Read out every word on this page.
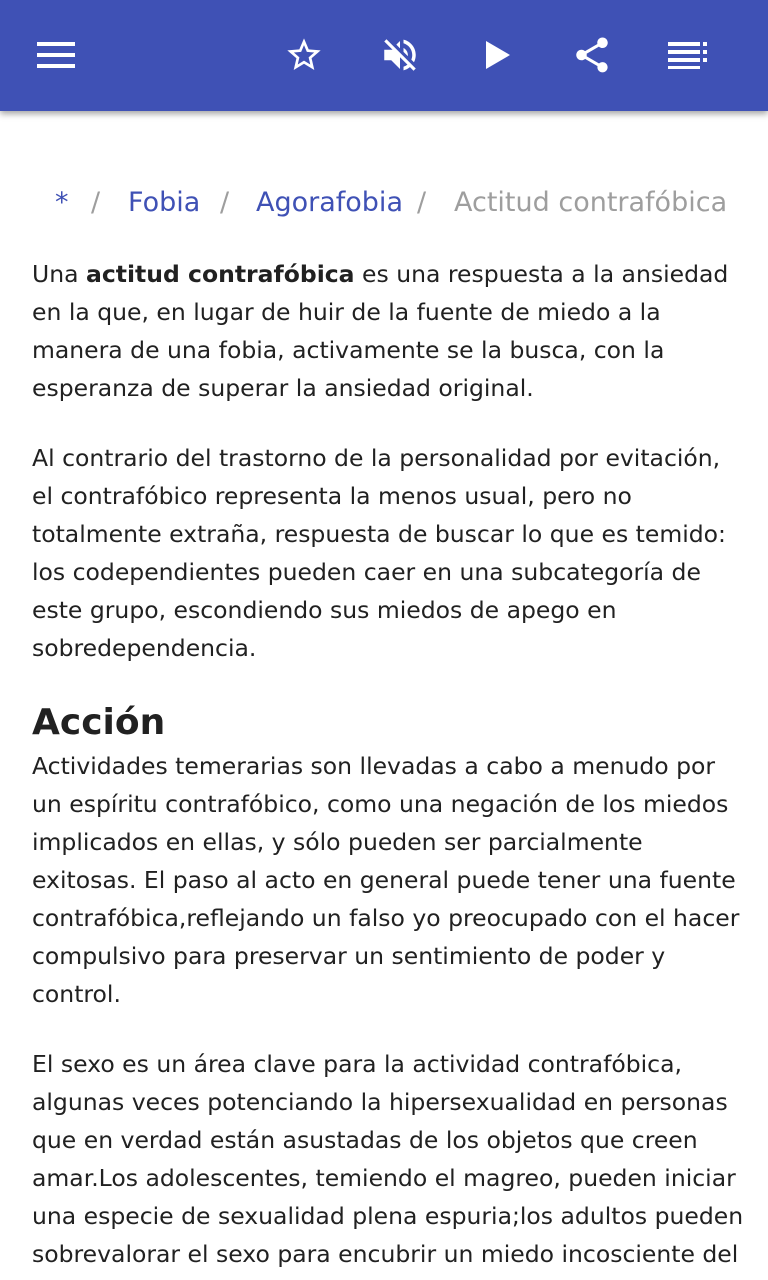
* / Fobia / Agorafobia / Actitud contrafóbica

Una actitud contrafóbica es una respuesta a la ansiedad en la que, en lugar de huir de la fuente de miedo a la manera de una fobia, activamente se la busca, con la esperanza de superar la ansiedad original.

Al contrario del trastorno de la personalidad por evitación, el contrafóbico representa la menos usual, pero no totalmente extraña, respuesta de buscar lo que es temido: los codependientes pueden caer en una subcategoría de este grupo, escondiendo sus miedos de apego en sobredependencia.

Acción

Actividades temerarias son llevadas a cabo a menudo por un espíritu contrafóbico, como una negación de los miedos implicados en ellas, y sólo pueden ser parcialmente exitosas. El paso al acto en general puede tener una fuente contrafóbica,reflejando un falso yo preocupado con el hacer compulsivo para preservar un sentimiento de poder y control.

El sexo es un área clave para la actividad contrafóbica, algunas veces potenciando la hipersexualidad en personas que en verdad están asustadas de los objetos que creen amar.Los adolescentes, temiendo el magreo, pueden iniciar una especie de sexualidad plena espuria;los adultos pueden sobrevalorar el sexo para encubrir un miedo incosciente del
